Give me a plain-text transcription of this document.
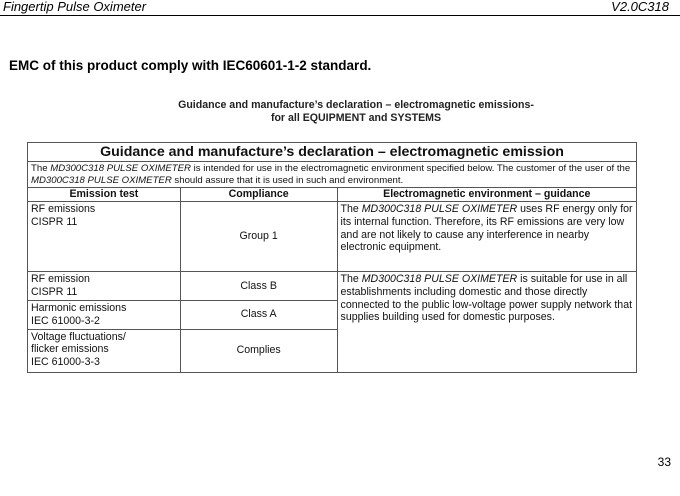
Fingertip Pulse Oximeter	V2.0C318
EMC of this product comply with IEC60601-1-2 standard.
Guidance and manufacture’s declaration – electromagnetic emissions-
for all EQUIPMENT and SYSTEMS
Guidance and manufacture’s declaration – electromagnetic emission		
The MD300C318 PULSE OXIMETER is intended for use in the electromagnetic environment specified below. The customer of the user of the MD300C318 PULSE OXIMETER should assure that it is used in such and environment.		
Emission test	Compliance	Electromagnetic environment – guidance
RF emissions
CISPR 11	Group 1	The MD300C318 PULSE OXIMETER uses RF energy only for its internal function. Therefore, its RF emissions are very low and are not likely to cause any interference in nearby electronic equipment.
RF emission
CISPR 11	Class B	The MD300C318 PULSE OXIMETER is suitable for use in all establishments including domestic and those directly connected to the public low-voltage power supply network that supplies building used for domestic purposes.
Harmonic emissions
IEC 61000-3-2	Class A	
Voltage fluctuations/
flicker emissions
IEC 61000-3-3	Complies	
33
